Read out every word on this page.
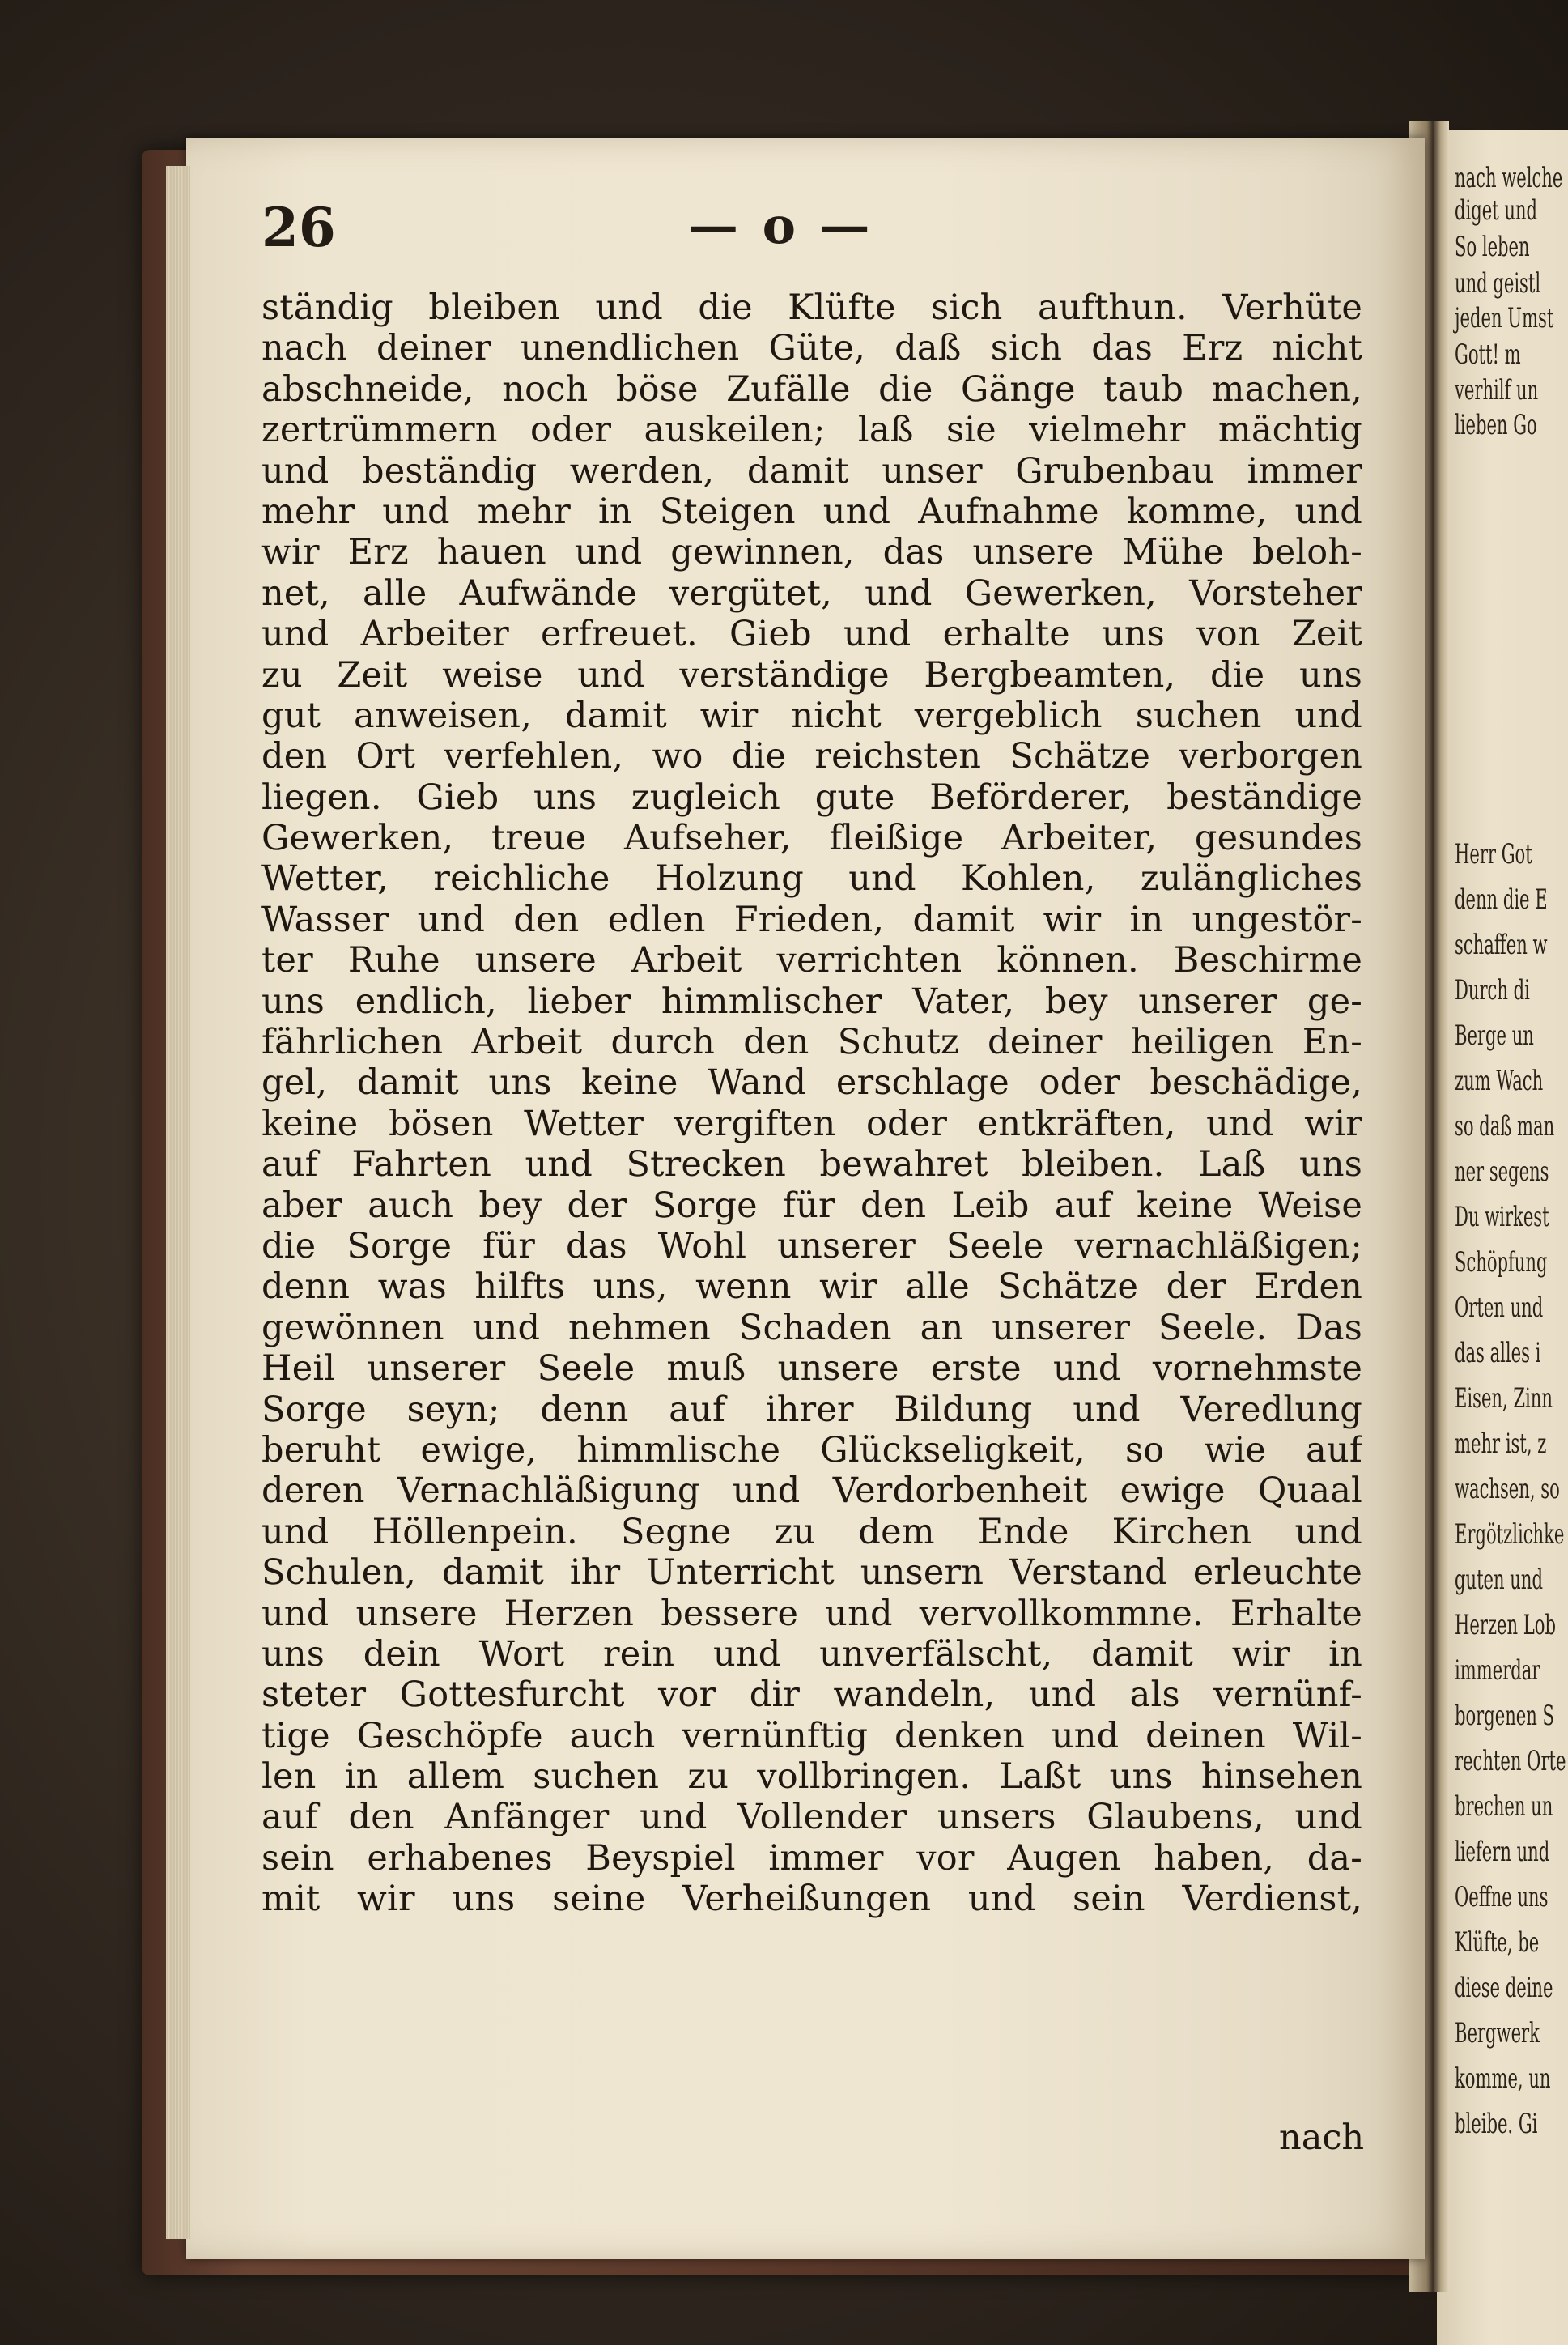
nach welche
diget und
So leben
und geistl
jeden Umst
Gott! m
verhilf un
lieben Go
Herr Got
denn die E
schaffen w
Durch di
Berge un
zum Wach
so daß man
ner segens
Du wirkest
Schöpfung
Orten und
das alles i
Eisen, Zinn
mehr ist, z
wachsen, so
Ergötzlichke
guten und
Herzen Lob
immerdar
borgenen S
rechten Orte
brechen un
liefern und
Oeffne uns
Klüfte, be
diese deine
Bergwerk
komme, un
bleibe. Gi
26	— o —
ständig bleiben und die Klüfte sich aufthun. Verhüte
nach deiner unendlichen Güte, daß sich das Erz nicht
abschneide, noch böse Zufälle die Gänge taub machen,
zertrümmern oder auskeilen; laß sie vielmehr mächtig
und beständig werden, damit unser Grubenbau immer
mehr und mehr in Steigen und Aufnahme komme, und
wir Erz hauen und gewinnen, das unsere Mühe beloh-
net, alle Aufwände vergütet, und Gewerken, Vorsteher
und Arbeiter erfreuet. Gieb und erhalte uns von Zeit
zu Zeit weise und verständige Bergbeamten, die uns
gut anweisen, damit wir nicht vergeblich suchen und
den Ort verfehlen, wo die reichsten Schätze verborgen
liegen. Gieb uns zugleich gute Beförderer, beständige
Gewerken, treue Aufseher, fleißige Arbeiter, gesundes
Wetter, reichliche Holzung und Kohlen, zulängliches
Wasser und den edlen Frieden, damit wir in ungestör-
ter Ruhe unsere Arbeit verrichten können. Beschirme
uns endlich, lieber himmlischer Vater, bey unserer ge-
fährlichen Arbeit durch den Schutz deiner heiligen En-
gel, damit uns keine Wand erschlage oder beschädige,
keine bösen Wetter vergiften oder entkräften, und wir
auf Fahrten und Strecken bewahret bleiben. Laß uns
aber auch bey der Sorge für den Leib auf keine Weise
die Sorge für das Wohl unserer Seele vernachläßigen;
denn was hilfts uns, wenn wir alle Schätze der Erden
gewönnen und nehmen Schaden an unserer Seele. Das
Heil unserer Seele muß unsere erste und vornehmste
Sorge seyn; denn auf ihrer Bildung und Veredlung
beruht ewige, himmlische Glückseligkeit, so wie auf
deren Vernachläßigung und Verdorbenheit ewige Quaal
und Höllenpein. Segne zu dem Ende Kirchen und
Schulen, damit ihr Unterricht unsern Verstand erleuchte
und unsere Herzen bessere und vervollkommne. Erhalte
uns dein Wort rein und unverfälscht, damit wir in
steter Gottesfurcht vor dir wandeln, und als vernünf-
tige Geschöpfe auch vernünftig denken und deinen Wil-
len in allem suchen zu vollbringen. Laßt uns hinsehen
auf den Anfänger und Vollender unsers Glaubens, und
sein erhabenes Beyspiel immer vor Augen haben, da-
mit wir uns seine Verheißungen und sein Verdienst,
nach
